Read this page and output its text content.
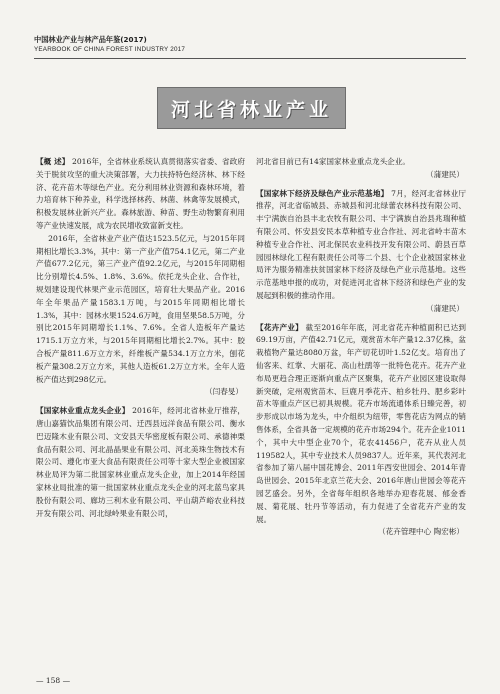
中国林业产业与林产品年鉴(2017)
YEARBOOK OF CHINA FOREST INDUSTRY 2017
河北省林业产业

【概 述】 2016年，全省林业系统认真贯彻落实省委、省政府关于脱贫攻坚的重大决策部署，大力扶持特色经济林、林下经济、花卉苗木等绿色产业。充分利用林业资源和森林环境，着力培育林下种养业，科学选择林药、林菌、林禽等发展模式，积极发展林业新兴产业。森林旅游、种苗、野生动物繁育利用等产业快速发展，成为农民增收致富新支柱。

2016年，全省林业产业产值达1523.5亿元，与2015年同期相比增长3.3%，其中：第一产业产值754.1亿元，第二产业产值677.2亿元，第三产业产值92.2亿元，与2015年同期相比分别增长4.5%、1.8%、3.6%。依托龙头企业、合作社，规划建设现代林果产业示范园区，培育壮大果品产业。2016年全年果品产量1583.1万吨，与2015年同期相比增长1.3%，其中：园林水果1524.6万吨，食用坚果58.5万吨，分别比2015年同期增长1.1%、7.6%。全省人造板年产量达1715.1万立方米，与2015年同期相比增长2.7%。其中：胶合板产量811.6万立方米，纤维板产量534.1万立方米，刨花板产量308.2万立方米，其他人造板61.2万立方米。全年人造板产值达到298亿元。

（闫春旻）

【国家林业重点龙头企业】 2016年，经河北省林业厅推荐，唐山嘉猫饮品集团有限公司、迁西县远洋食品有限公司、衡水巴迈隆木业有限公司、文安县天华密度板有限公司、承德神栗食品有限公司、河北晶晶果业有限公司、河北美珠生物技术有限公司、遵化市亚大食品有限责任公司等十家大型企业被国家林业局评为第二批国家林业重点龙头企业，加上2014年经国家林业局批准的第一批国家林业重点龙头企业的河北蓝鸟家具股份有限公司、廊坊三利木业有限公司、平山葫芦峪农业科技开发有限公司、河北绿岭果业有限公司，

河北省目前已有14家国家林业重点龙头企业。

（蒲建民）

【国家林下经济及绿色产业示范基地】 7月，经河北省林业厅推荐，河北省临城县、赤城县和河北绿蕾农林科技有限公司、丰宁满族自治县丰北农牧有限公司、丰宁满族自治县兆瑞种植有限公司、怀安县安民本草种植专业合作社、河北省岭丰苗木种植专业合作社、河北保民农业科技开发有限公司、蔚县百草园园林绿化工程有限责任公司等二个县、七个企业被国家林业局评为服务精准扶贫国家林下经济及绿色产业示范基地。这些示范基地申报的成功，对促进河北省林下经济和绿色产业的发展起到积极的推动作用。

（蒲建民）

【花卉产业】 截至2016年年底，河北省花卉种植面积已达到69.19万亩，产值42.71亿元，观赏苗木年产量12.37亿株，盆栽植物产量达8080万盆，年产切花切叶1.52亿支。培育出了仙客来、红掌、大丽花、高山杜鹃等一批特色花卉。花卉产业布局更趋合理正逐渐向重点产区聚集，花卉产业园区建设取得新突破，定州观赏苗木、巨鹿月季花卉、柏乡牡丹、肥乡彩叶苗木等重点产区已初具规模。花卉市场流通体系日臻完善，初步形成以市场为龙头，中介组织为纽带，零售花店为网点的销售体系，全省具备一定规模的花卉市场294个。花卉企业1011个，其中大中型企业70个，花农41456户，花卉从业人员119582人，其中专业技术人员9837人。近年来，其代表河北省参加了第八届中国花博会、2011年西安世园会、2014年青岛世园会、2015年北京兰花大会、2016年唐山世园会等花卉园艺盛会。另外，全省每年组织各地举办迎春花展、郁金香展、菊花展、牡丹节等活动，有力促进了全省花卉产业的发展。

（花卉管理中心 陶宏彬）

— 158 —
